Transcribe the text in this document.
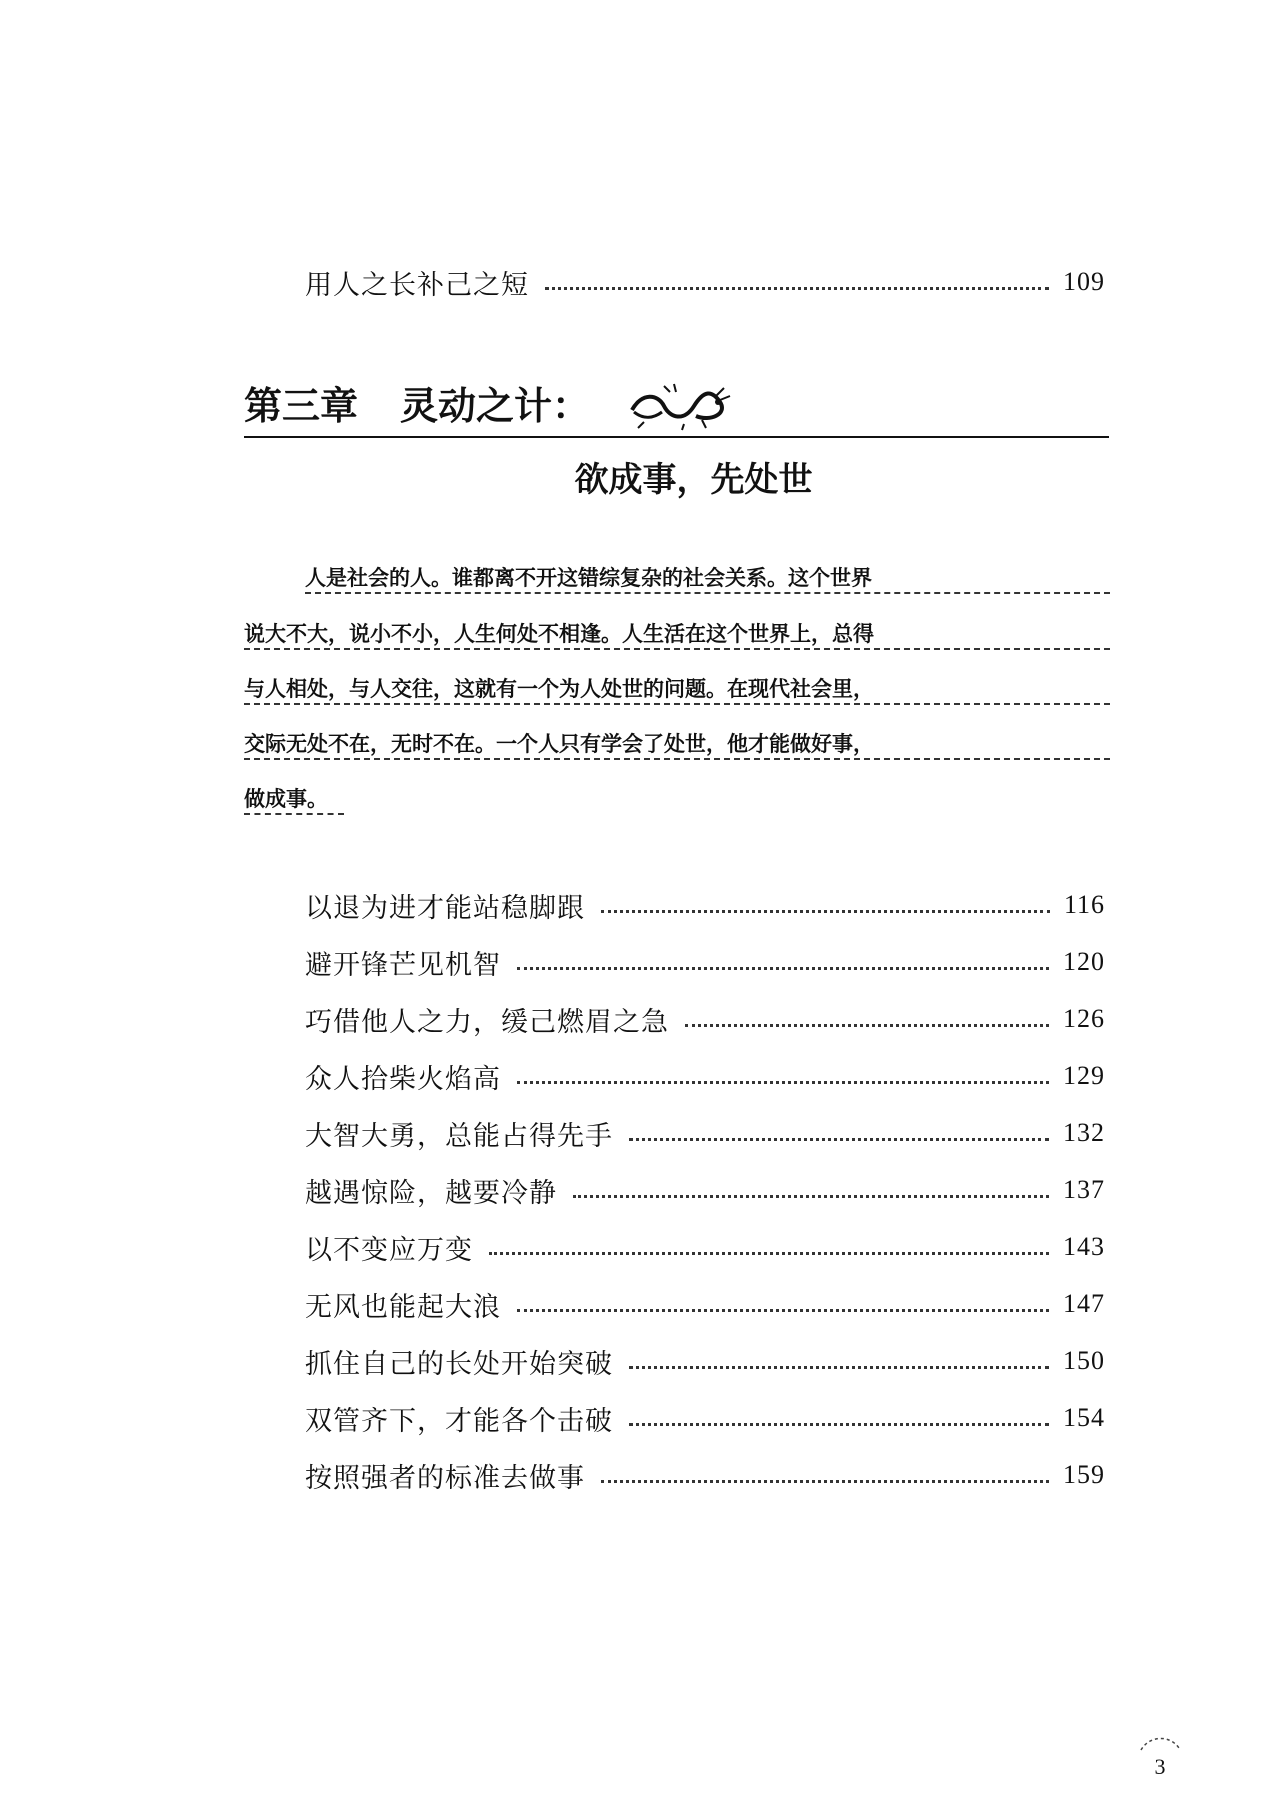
用人之长补己之短	109
第三章 灵动之计：
欲成事，先处世
人是社会的人。谁都离不开这错综复杂的社会关系。这个世界
说大不大，说小不小，人生何处不相逢。人生活在这个世界上，总得
与人相处，与人交往，这就有一个为人处世的问题。在现代社会里，
交际无处不在，无时不在。一个人只有学会了处世，他才能做好事，
做成事。
以退为进才能站稳脚跟	116
避开锋芒见机智	120
巧借他人之力，缓己燃眉之急	126
众人拾柴火焰高	129
大智大勇，总能占得先手	132
越遇惊险，越要冷静	137
以不变应万变	143
无风也能起大浪	147
抓住自己的长处开始突破	150
双管齐下，才能各个击破	154
按照强者的标准去做事	159
3
